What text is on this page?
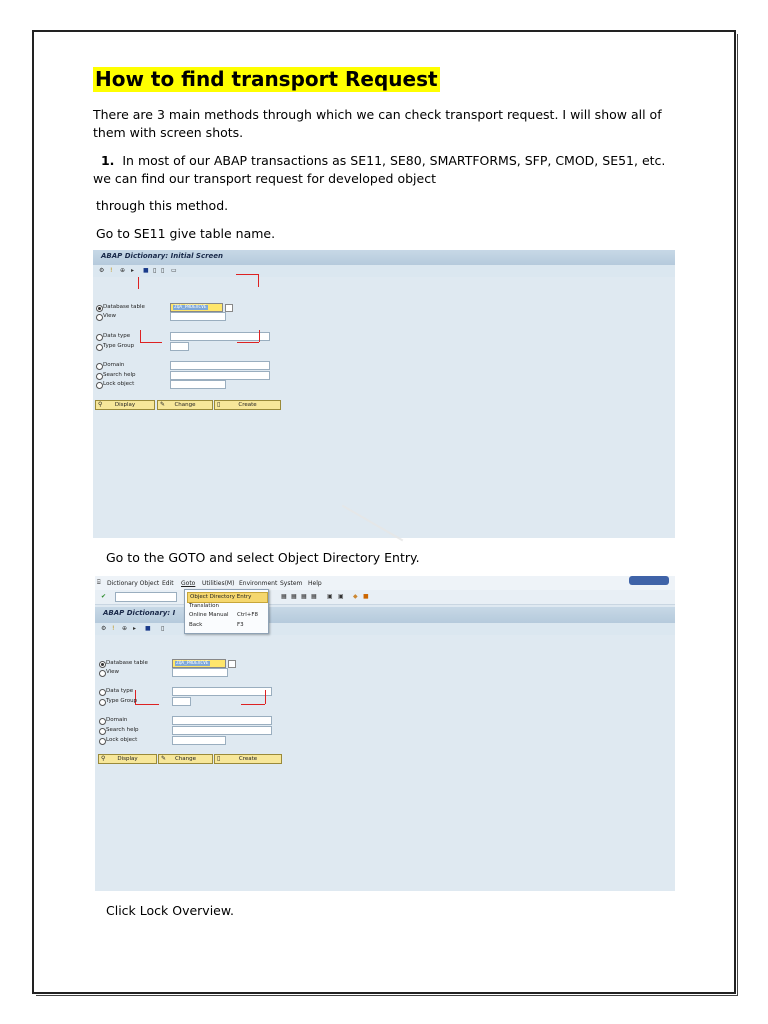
How to find transport Request
There are 3 main methods through which we can check transport request. I will show all of them with screen shots.
1. In most of our ABAP transactions as SE11, SE80, SMARTFORMS, SFP, CMOD, SE51, etc. we can find our transport request for developed object
through this method.
Go to SE11 give table name.
ABAP Dictionary: Initial Screen
⚙ !	⊕ ▸	■ ▯ ▯	▭
Database table	ZQA_PRDEXCVE
View
Data type
Type Group
Domain
Search help
Lock object
⚲ Display	✎ Change	▯	Create
Go to the GOTO and select Object Directory Entry.
⌸	Dictionary Object Edit Goto Utilities(M) Environment System Help
✔	▦ ▦ ▦ ▦ ▣ ▣ ◆ ■
Object Directory Entry
Translation
Online Manual Ctrl+F8
Back	F3
ABAP Dictionary: I
⚙ !	⊕ ▸	■ ▯
Database table	ZQA_PRDEXCVE
View
Data type
Type Group
Domain
Search help
Lock object
⚲ Display	✎ Change	▯	Create
Click Lock Overview.
